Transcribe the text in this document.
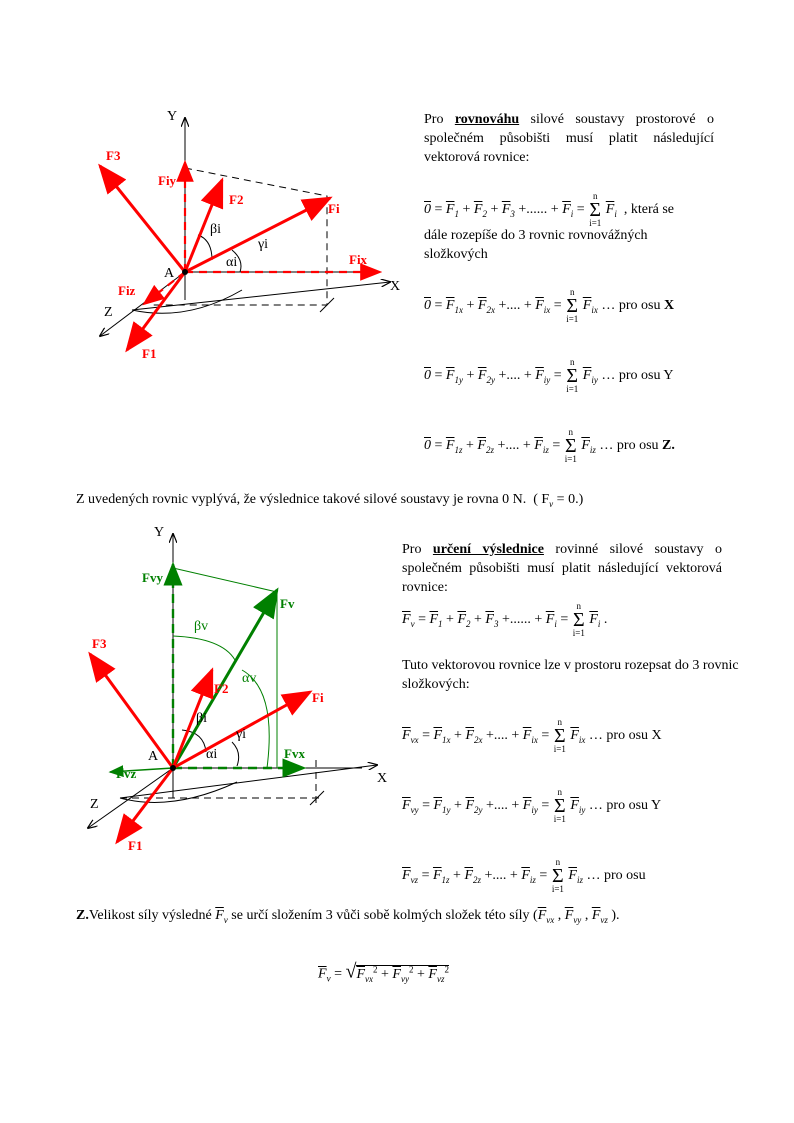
Y
X
Z
A
F3
Fiy
F2
Fi
Fix
Fiz
F1
βi
γi
αi
Pro rovnováhu silové soustavy prostorové o společném působišti musí platit následující vektorová rovnice:
$0 = \overline{F}_1 + \overline{F}_2 + \overline{F}_3$ +...... + $\overline{F}_i = n$
Σ
i=1 $\overline{F}_i$ , která se
dále rozepíše do 3 rovnic rovnovážných složkových
$0 = \overline{F}_{1x} + \overline{F}_{2x}$ +.... + $\overline{F}_{ix} = n$
Σ
i=1 $\overline{F}_{ix}$ … pro osu X
$0 = \overline{F}_{1y} + \overline{F}_{2y}$ +.... + $\overline{F}_{iy} = n$
Σ
i=1 $\overline{F}_{iy}$ … pro osu Y
$0 = \overline{F}_{1z} + \overline{F}_{2z}$ +.... + $\overline{F}_{iz} = n$
Σ
i=1 $\overline{F}_{iz}$ … pro osu Z.
Z uvedených rovnic vyplývá, že výslednice takové silové soustavy je rovna 0 N. ( $F_v = 0$.)
Y
X
Z
A
Fvy
Fv
βv
αv
Fvx
Fvz
F3
F2
Fi
F1
βi
γi
αi
Pro určení výslednice rovinné silové soustavy o společném působišti musí platit následující vektorová rovnice:
$\overline{F}_v = \overline{F}_1 + \overline{F}_2 + \overline{F}_3$ +...... + $\overline{F}_i = n$
Σ
i=1 $\overline{F}_i$ .
Tuto vektorovou rovnice lze v prostoru rozepsat do 3 rovnic složkových:
$\overline{F}_{vx} = \overline{F}_{1x} + \overline{F}_{2x}$ +.... + $\overline{F}_{ix} = n$
Σ
i=1 $\overline{F}_{ix}$ … pro osu X
$\overline{F}_{vy} = \overline{F}_{1y} + \overline{F}_{2y}$ +.... + $\overline{F}_{iy} = n$
Σ
i=1 $\overline{F}_{iy}$ … pro osu Y
$\overline{F}_{vz} = \overline{F}_{1z} + \overline{F}_{2z}$ +.... + $\overline{F}_{iz} = n$
Σ
i=1 $\overline{F}_{iz}$ … pro osu
Z.Velikost síly výsledné $\overline{F}_v$ se určí složením 3 vůči sobě kolmých složek této síly ($\overline{F}_{vx}$ , $\overline{F}_{vy}$ , $\overline{F}_{vz}$ ).
$\overline{F}_v = √F_{vx}^2 + \overline{F}_{vy}^2 + \overline{F}_{vz}^2$
